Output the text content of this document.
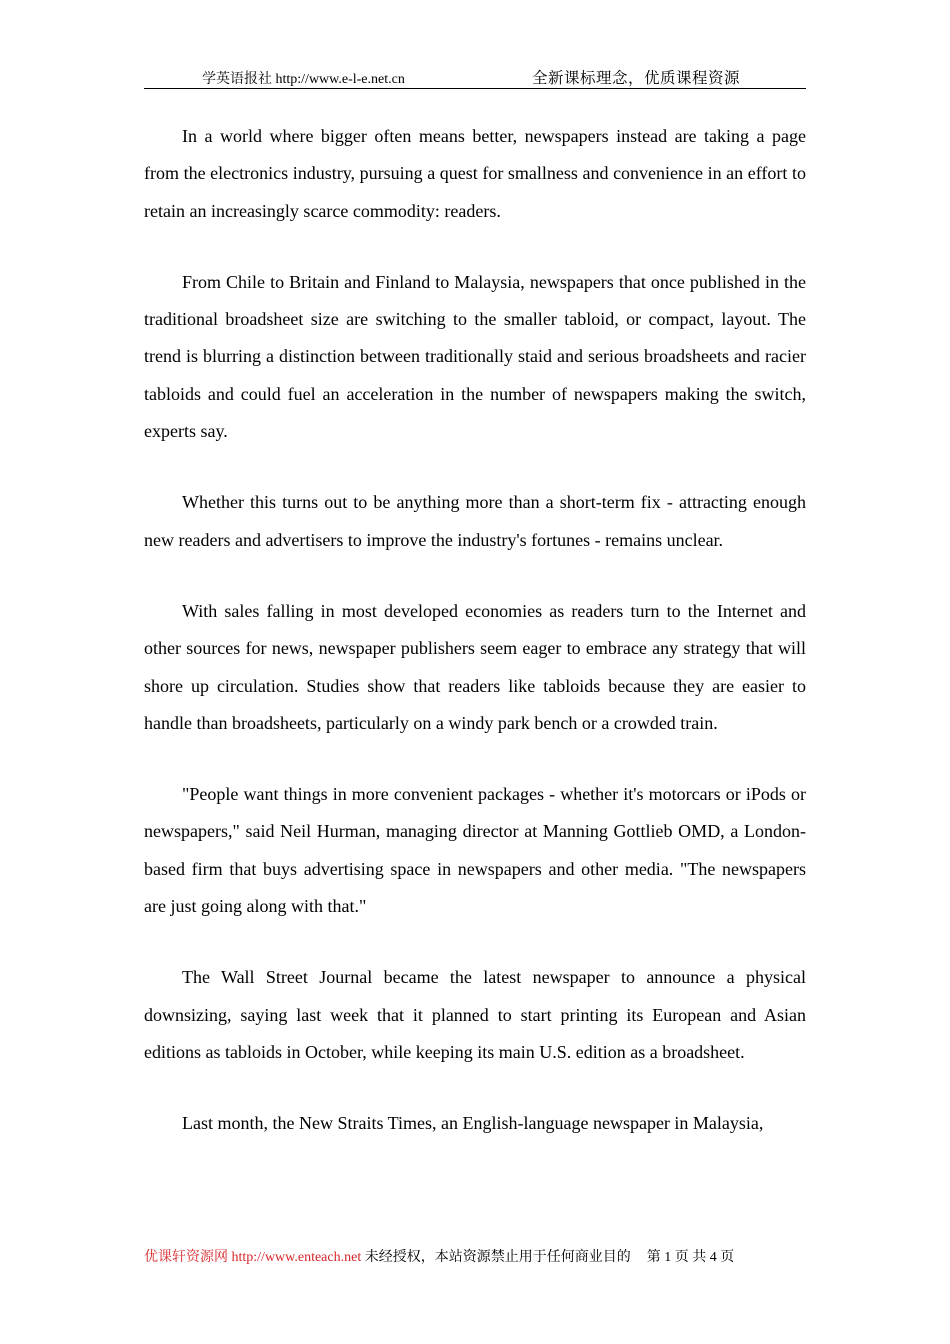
学英语报社 http://www.e-l-e.net.cn	全新课标理念，优质课程资源

In a world where bigger often means better, newspapers instead are taking a page from the electronics industry, pursuing a quest for smallness and convenience in an effort to retain an increasingly scarce commodity: readers.

From Chile to Britain and Finland to Malaysia, newspapers that once published in the traditional broadsheet size are switching to the smaller tabloid, or compact, layout. The trend is blurring a distinction between traditionally staid and serious broadsheets and racier tabloids and could fuel an acceleration in the number of newspapers making the switch, experts say.

Whether this turns out to be anything more than a short-term fix - attracting enough new readers and advertisers to improve the industry's fortunes - remains unclear.

With sales falling in most developed economies as readers turn to the Internet and other sources for news, newspaper publishers seem eager to embrace any strategy that will shore up circulation. Studies show that readers like tabloids because they are easier to handle than broadsheets, particularly on a windy park bench or a crowded train.

"People want things in more convenient packages - whether it's motorcars or iPods or newspapers," said Neil Hurman, managing director at Manning Gottlieb OMD, a London-based firm that buys advertising space in newspapers and other media. "The newspapers are just going along with that."

The Wall Street Journal became the latest newspaper to announce a physical downsizing, saying last week that it planned to start printing its European and Asian editions as tabloids in October, while keeping its main U.S. edition as a broadsheet.

Last month, the New Straits Times, an English-language newspaper in Malaysia,

优课轩资源网 http://www.enteach.net 未经授权，本站资源禁止用于任何商业目的 第 1 页 共 4 页
